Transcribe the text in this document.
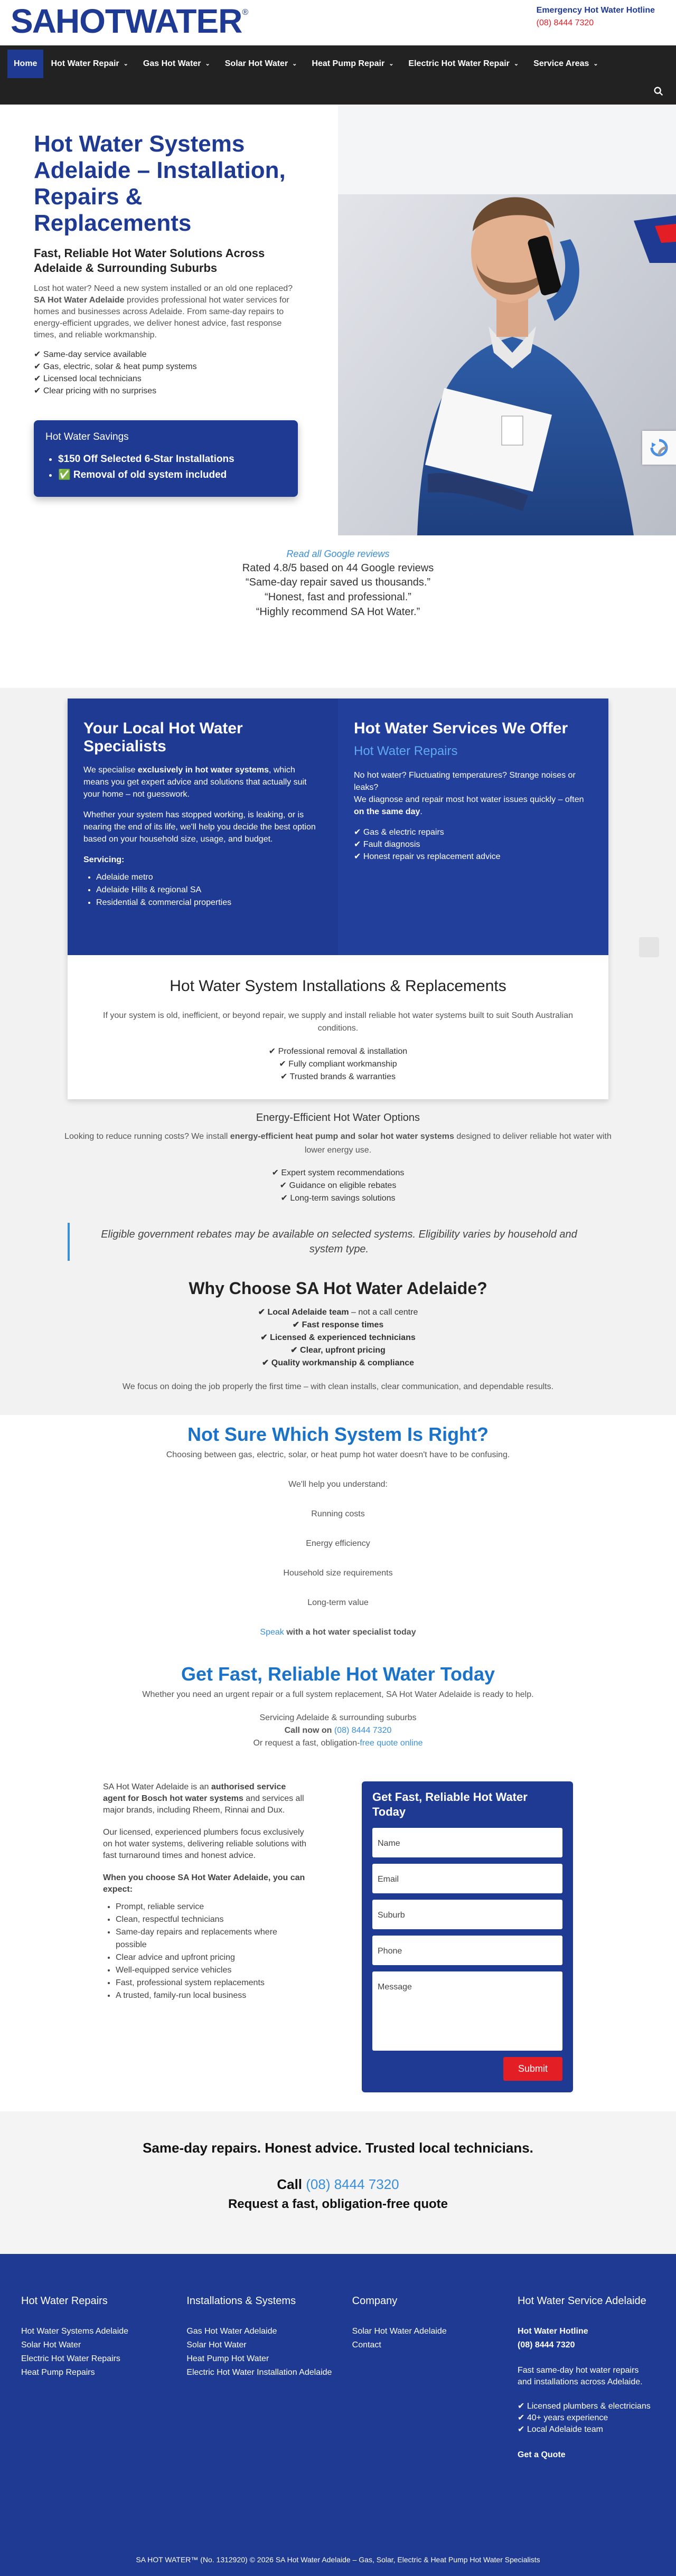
SA HOTWATER ®	Emergency Hot Water Hotline
(08) 8444 7320
Home Hot Water Repair ⌄ Gas Hot Water ⌄ Solar Hot Water ⌄ Heat Pump Repair ⌄ Electric Hot Water Repair ⌄ Service Areas ⌄
Hot Water Systems Adelaide – Installation, Repairs & Replacements
Fast, Reliable Hot Water Solutions Across Adelaide & Surrounding Suburbs

Lost hot water? Need a new system installed or an old one replaced?
SA Hot Water Adelaide provides professional hot water services for homes and businesses across Adelaide. From same-day repairs to energy-efficient upgrades, we deliver honest advice, fast response times, and reliable workmanship.

✔ Same-day service available
✔ Gas, electric, solar & heat pump systems
✔ Licensed local technicians
✔ Clear pricing with no surprises
Hot Water Savings
• $150 Off Selected 6-Star Installations
• ✅ Removal of old system included
Read all Google reviews
Rated 4.8/5 based on 44 Google reviews
“Same-day repair saved us thousands.”
“Honest, fast and professional.”
“Highly recommend SA Hot Water.”
Your Local Hot Water Specialists

We specialise exclusively in hot water systems, which means you get expert advice and solutions that actually suit your home – not guesswork.

Whether your system has stopped working, is leaking, or is nearing the end of its life, we'll help you decide the best option based on your household size, usage, and budget.

Servicing:

• Adelaide metro
• Adelaide Hills & regional SA
• Residential & commercial properties
Hot Water Services We Offer
Hot Water Repairs

No hot water? Fluctuating temperatures? Strange noises or leaks?

We diagnose and repair most hot water issues quickly – often on the same day.

✔ Gas & electric repairs
✔ Fault diagnosis
✔ Honest repair vs replacement advice

Hot Water System Installations & Replacements

If your system is old, inefficient, or beyond repair, we supply and install reliable hot water systems built to suit South Australian conditions.

✔ Professional removal & installation
✔ Fully compliant workmanship
✔ Trusted brands & warranties
Energy-Efficient Hot Water Options

Looking to reduce running costs? We install energy-efficient heat pump and solar hot water systems designed to deliver reliable hot water with lower energy use.

✔ Expert system recommendations
✔ Guidance on eligible rebates
✔ Long-term savings solutions
Eligible government rebates may be available on selected systems. Eligibility varies by household and system type.
Why Choose SA Hot Water Adelaide?
✔ Local Adelaide team – not a call centre
✔ Fast response times
✔ Licensed & experienced technicians
✔ Clear, upfront pricing
✔ Quality workmanship & compliance

We focus on doing the job properly the first time – with clean installs, clear communication, and dependable results.

Not Sure Which System Is Right?

Choosing between gas, electric, solar, or heat pump hot water doesn't have to be confusing.

We'll help you understand:

Running costs

Energy efficiency

Household size requirements

Long-term value

Speak with a hot water specialist today

Get Fast, Reliable Hot Water Today

Whether you need an urgent repair or a full system replacement, SA Hot Water Adelaide is ready to help.

Servicing Adelaide & surrounding suburbs

Call now on (08) 8444 7320

Or request a fast, obligation-free quote online

SA Hot Water Adelaide is an authorised service agent for Bosch hot water systems and services all major brands, including Rheem, Rinnai and Dux.

Our licensed, experienced plumbers focus exclusively on hot water systems, delivering reliable solutions with fast turnaround times and honest advice.

When you choose SA Hot Water Adelaide, you can expect:

• Prompt, reliable service
• Clean, respectful technicians
• Same-day repairs and replacements where possible
• Clear advice and upfront pricing
• Well-equipped service vehicles
• Fast, professional system replacements
• A trusted, family-run local business
Get Fast, Reliable Hot Water Today
Name
Email
Suburb
Phone
Message
Submit
Same-day repairs. Honest advice. Trusted local technicians.
Call (08) 8444 7320
Request a fast, obligation-free quote
Hot Water Repairs
Hot Water Systems Adelaide
Solar Hot Water
Electric Hot Water Repairs
Heat Pump Repairs
Installations & Systems
Gas Hot Water Adelaide
Solar Hot Water
Heat Pump Hot Water
Electric Hot Water Installation Adelaide
Company
Solar Hot Water Adelaide
Contact
Hot Water Service Adelaide
Hot Water Hotline
(08) 8444 7320
Fast same-day hot water repairs and installations across Adelaide.
✔ Licensed plumbers & electricians
✔ 40+ years experience
✔ Local Adelaide team
Get a Quote
SA HOT WATER™ (No. 1312920) © 2026 SA Hot Water Adelaide – Gas, Solar, Electric & Heat Pump Hot Water Specialists
